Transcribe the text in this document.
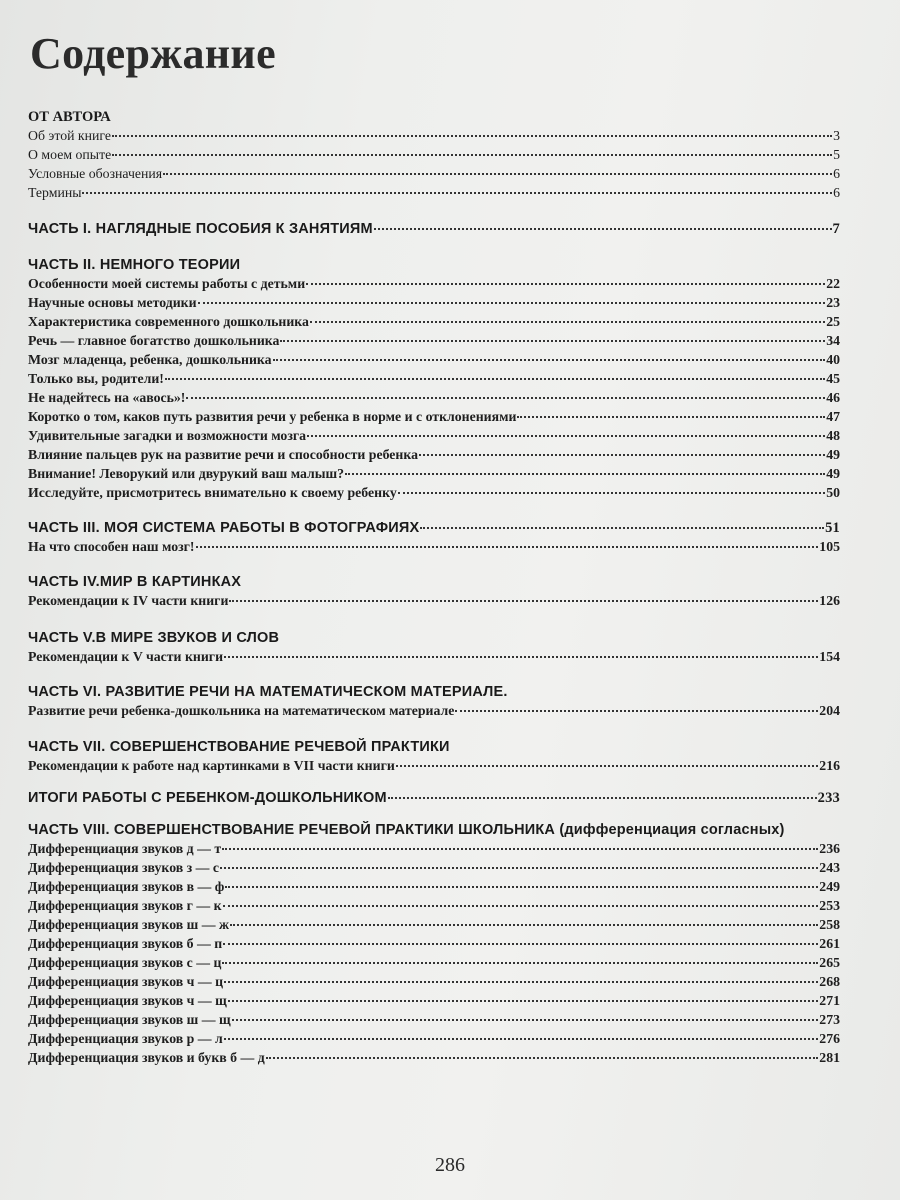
Содержание
ОТ АВТОРА
Об этой книге	3
О моем опыте	5
Условные обозначения	6
Термины	6
ЧАСТЬ I. НАГЛЯДНЫЕ ПОСОБИЯ К ЗАНЯТИЯМ	7
ЧАСТЬ II. НЕМНОГО ТЕОРИИ
Особенности моей системы работы с детьми	22
Научные основы методики	23
Характеристика современного дошкольника	25
Речь — главное богатство дошкольника	34
Мозг младенца, ребенка, дошкольника	40
Только вы, родители!	45
Не надейтесь на «авось»!	46
Коротко о том, каков путь развития речи у ребенка в норме и с отклонениями	47
Удивительные загадки и возможности мозга	48
Влияние пальцев рук на развитие речи и способности ребенка	49
Внимание! Леворукий или двурукий ваш малыш?	49
Исследуйте, присмотритесь внимательно к своему ребенку	50
ЧАСТЬ III. МОЯ СИСТЕМА РАБОТЫ В ФОТОГРАФИЯХ	51
На что способен наш мозг!	105
ЧАСТЬ IV.МИР В КАРТИНКАХ
Рекомендации к IV части книги	126
ЧАСТЬ V.В МИРЕ ЗВУКОВ И СЛОВ
Рекомендации к V части книги	154
ЧАСТЬ VI. РАЗВИТИЕ РЕЧИ НА МАТЕМАТИЧЕСКОМ МАТЕРИАЛЕ.
Развитие речи ребенка-дошкольника на математическом материале	204
ЧАСТЬ VII. СОВЕРШЕНСТВОВАНИЕ РЕЧЕВОЙ ПРАКТИКИ
Рекомендации к работе над картинками в VII части книги	216
ИТОГИ РАБОТЫ С РЕБЕНКОМ-ДОШКОЛЬНИКОМ	233
ЧАСТЬ VIII. СОВЕРШЕНСТВОВАНИЕ РЕЧЕВОЙ ПРАКТИКИ ШКОЛЬНИКА (дифференциация согласных)
Дифференциация звуков д — т	236
Дифференциация звуков з — с	243
Дифференциация звуков в — ф	249
Дифференциация звуков г — к	253
Дифференциация звуков ш — ж	258
Дифференциация звуков б — п	261
Дифференциация звуков с — ц	265
Дифференциация звуков ч — ц	268
Дифференциация звуков ч — щ	271
Дифференциация звуков ш — щ	273
Дифференциация звуков р — л	276
Дифференциация звуков и букв б — д	281
286
